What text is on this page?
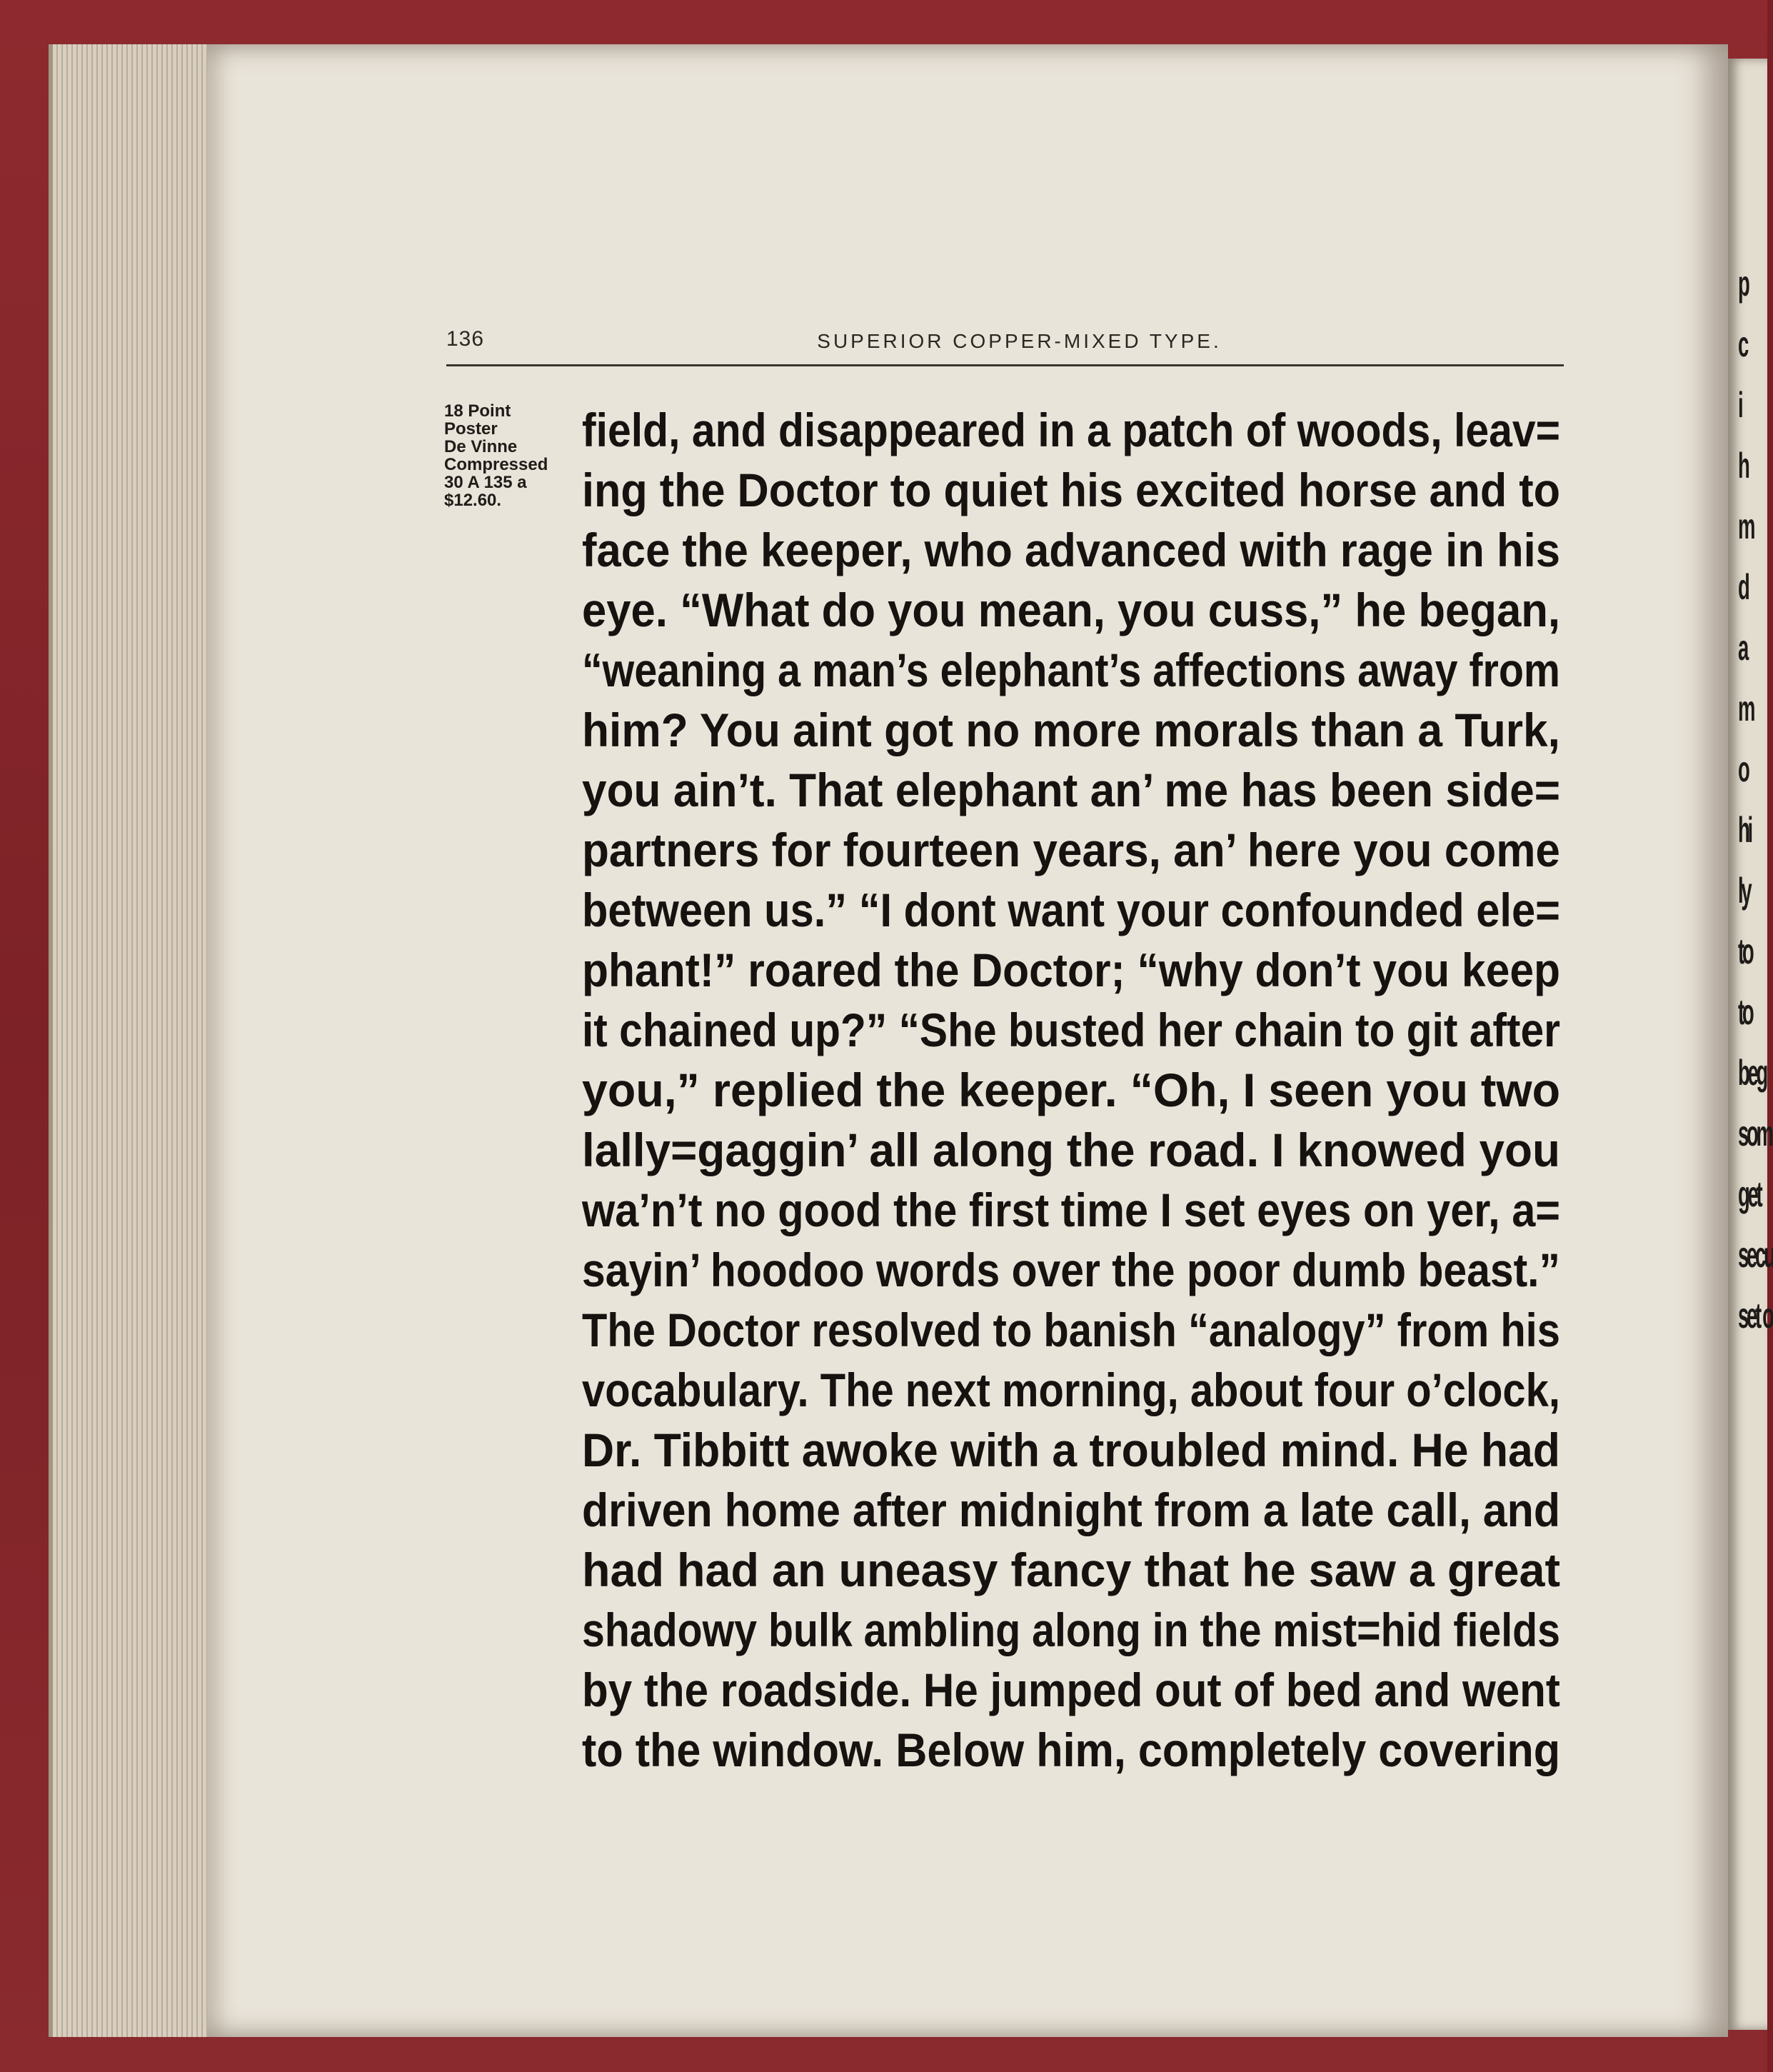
p
c
i
h
m
d
a
m
o
hi
ly
to
to
beg
som
get
secu
set o
136	SUPERIOR COPPER-MIXED TYPE.
18 Point
Poster
De Vinne
Compressed
30 A 135 a
$12.60.
field, and disappeared in a patch of woods, leav=
ing the Doctor to quiet his excited horse and to
face the keeper, who advanced with rage in his
eye. “What do you mean, you cuss,” he began,
“weaning a man’s elephant’s affections away from
him? You aint got no more morals than a Turk,
you ain’t. That elephant an’ me has been side=
partners for fourteen years, an’ here you come
between us.” “I dont want your confounded ele=
phant!” roared the Doctor; “why don’t you keep
it chained up?” “She busted her chain to git after
you,” replied the keeper. “Oh, I seen you two
lally=gaggin’ all along the road. I knowed you
wa’n’t no good the first time I set eyes on yer, a=
sayin’ hoodoo words over the poor dumb beast.”
The Doctor resolved to banish “analogy” from his
vocabulary. The next morning, about four o’clock,
Dr. Tibbitt awoke with a troubled mind. He had
driven home after midnight from a late call, and
had had an uneasy fancy that he saw a great
shadowy bulk ambling along in the mist=hid fields
by the roadside. He jumped out of bed and went
to the window. Below him, completely covering
